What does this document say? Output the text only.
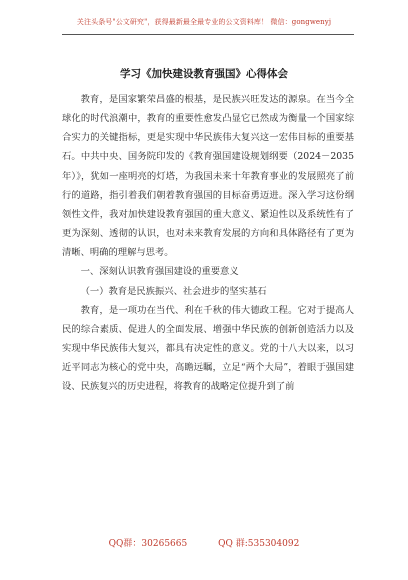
关注头条号"公文研究"，获得最新最全最专业的公文资料库！ 微信：gongwenyj
学习《加快建设教育强国》心得体会

教育，是国家繁荣昌盛的根基，是民族兴旺发达的源泉。在当今全球化的时代浪潮中，教育的重要性愈发凸显它已然成为衡量一个国家综合实力的关键指标，更是实现中华民族伟大复兴这一宏伟目标的重要基石。中共中央、国务院印发的《教育强国建设规划纲要（2024－2035年）》，犹如一座明亮的灯塔，为我国未来十年教育事业的发展照亮了前行的道路，指引着我们朝着教育强国的目标奋勇迈进。深入学习这份纲领性文件，我对加快建设教育强国的重大意义、紧迫性以及系统性有了更为深刻、透彻的认识，也对未来教育发展的方向和具体路径有了更为清晰、明确的理解与思考。

一、深刻认识教育强国建设的重要意义

（一）教育是民族振兴、社会进步的坚实基石

教育，是一项功在当代、利在千秋的伟大德政工程。它对于提高人民的综合素质、促进人的全面发展、增强中华民族的创新创造活力以及实现中华民族伟大复兴，都具有决定性的意义。党的十八大以来，以习近平同志为核心的党中央，高瞻远瞩，立足“两个大局”，着眼于强国建设、民族复兴的历史进程，将教育的战略定位提升到了前

QQ群：30265665	QQ 群:535304092
